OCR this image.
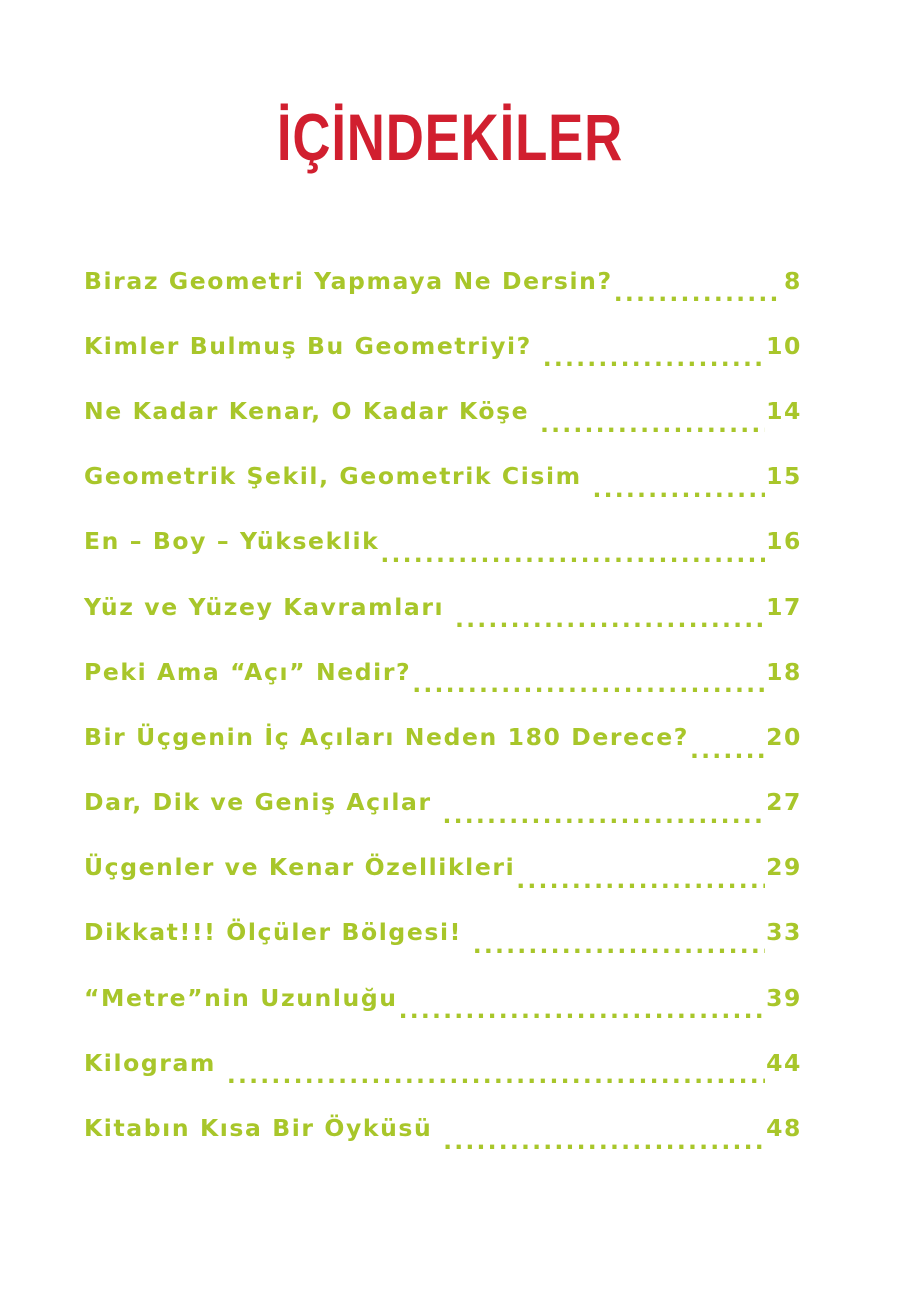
İÇİNDEKİLER
Biraz Geometri Yapmaya Ne Dersin? .....	8
Kimler Bulmuş Bu Geometriyi? .....	10
Ne Kadar Kenar, O Kadar Köşe .....	14
Geometrik Şekil, Geometrik Cisim .....	15
En – Boy – Yükseklik .....	16
Yüz ve Yüzey Kavramları .....	17
Peki Ama “Açı” Nedir? .....	18
Bir Üçgenin İç Açıları Neden 180 Derece? .....	20
Dar, Dik ve Geniş Açılar .....	27
Üçgenler ve Kenar Özellikleri .....	29
Dikkat!!! Ölçüler Bölgesi! .....	33
“Metre”nin Uzunluğu .....	39
Kilogram .....	44
Kitabın Kısa Bir Öyküsü .....	48
